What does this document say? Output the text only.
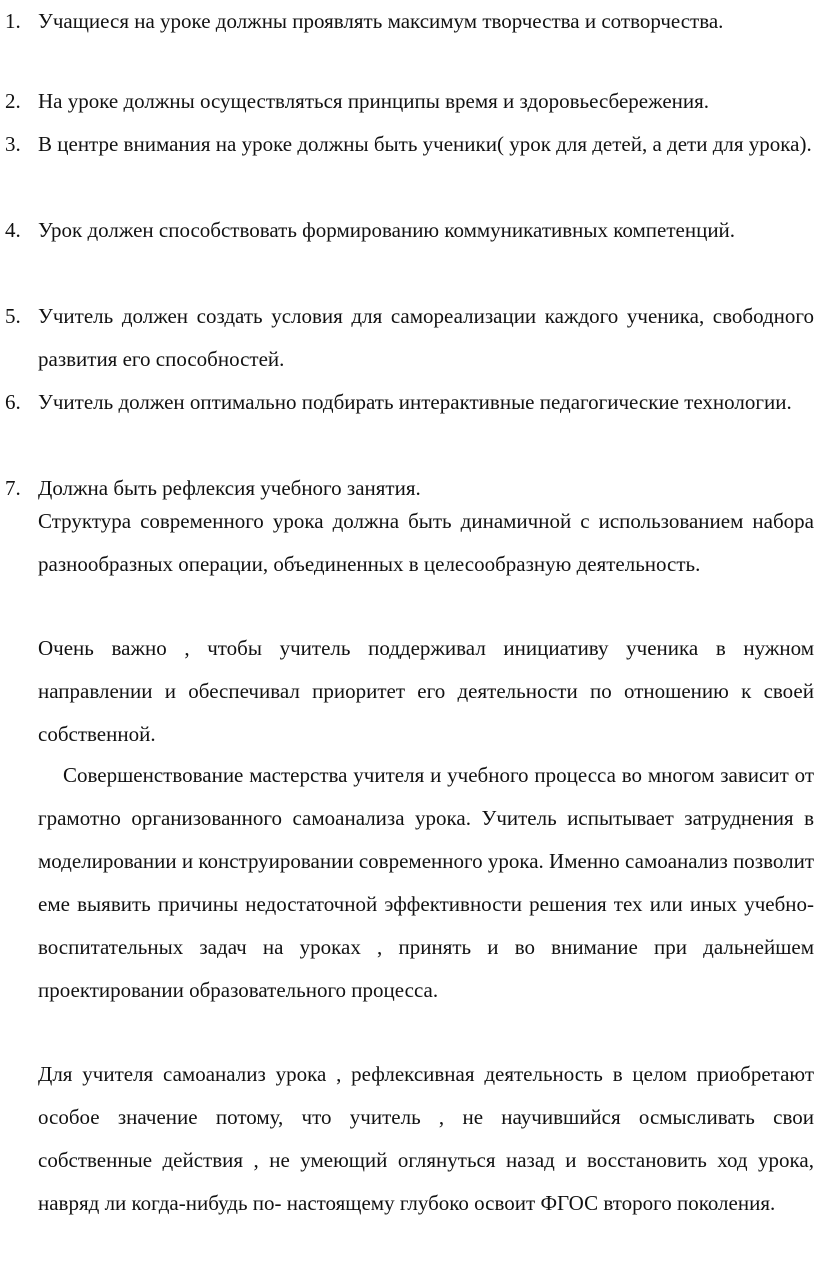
1. Учащиеся на уроке должны проявлять максимум творчества и сотворчества.
2. На уроке должны осуществляться принципы время и здоровьесбережения.
3. В центре внимания на уроке должны быть ученики( урок для детей, а дети для урока).
4. Урок должен способствовать формированию коммуникативных компетенций.
5. Учитель должен создать условия для самореализации каждого ученика, свободного развития его способностей.
6. Учитель должен оптимально подбирать интерактивные педагогические технологии.
7. Должна быть рефлексия учебного занятия.

Структура современного урока должна быть динамичной с использованием набора разнообразных операции, объединенных в целесообразную деятельность.

Очень важно , чтобы учитель поддерживал инициативу ученика в нужном направлении и обеспечивал приоритет его деятельности по отношению к своей собственной.

Совершенствование мастерства учителя и учебного процесса во многом зависит от грамотно организованного самоанализа урока. Учитель испытывает затруднения в моделировании и конструировании современного урока. Именно самоанализ позволит еме выявить причины недостаточной эффективности решения тех или иных учебно-воспитательных задач на уроках , принять и во внимание при дальнейшем проектировании образовательного процесса.

Для учителя самоанализ урока , рефлексивная деятельность в целом приобретают особое значение потому, что учитель , не научившийся осмысливать свои собственные действия , не умеющий оглянуться назад и восстановить ход урока, навряд ли когда-нибудь по- настоящему глубоко освоит ФГОС второго поколения.
